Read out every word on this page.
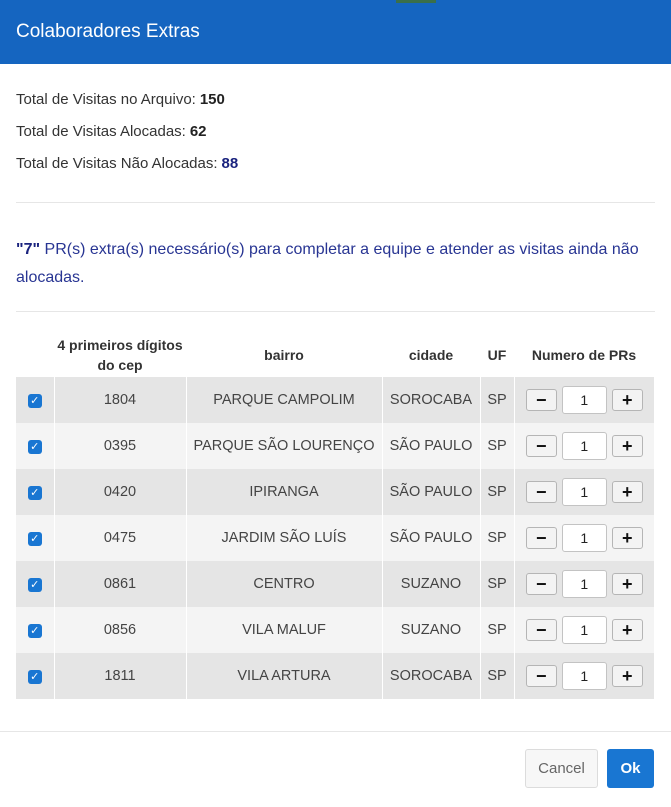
Colaboradores Extras
Total de Visitas no Arquivo: 150
Total de Visitas Alocadas: 62
Total de Visitas Não Alocadas: 88
"7" PR(s) extra(s) necessário(s) para completar a equipe e atender as visitas ainda não alocadas.
	4 primeiros dígitos do cep	bairro	cidade	UF	Numero de PRs
✓	1804	PARQUE CAMPOLIM	SOROCABA	SP	− 1 +

✓	0395	PARQUE SÃO LOURENÇO	SÃO PAULO	SP	− 1 +

✓	0420	IPIRANGA	SÃO PAULO	SP	− 1 +

✓	0475	JARDIM SÃO LUÍS	SÃO PAULO	SP	− 1 +

✓	0861	CENTRO	SUZANO	SP	− 1 +

✓	0856	VILA MALUF	SUZANO	SP	− 1 +

✓	1811	VILA ARTURA	SOROCABA	SP	− 1 +
Cancel	Ok
